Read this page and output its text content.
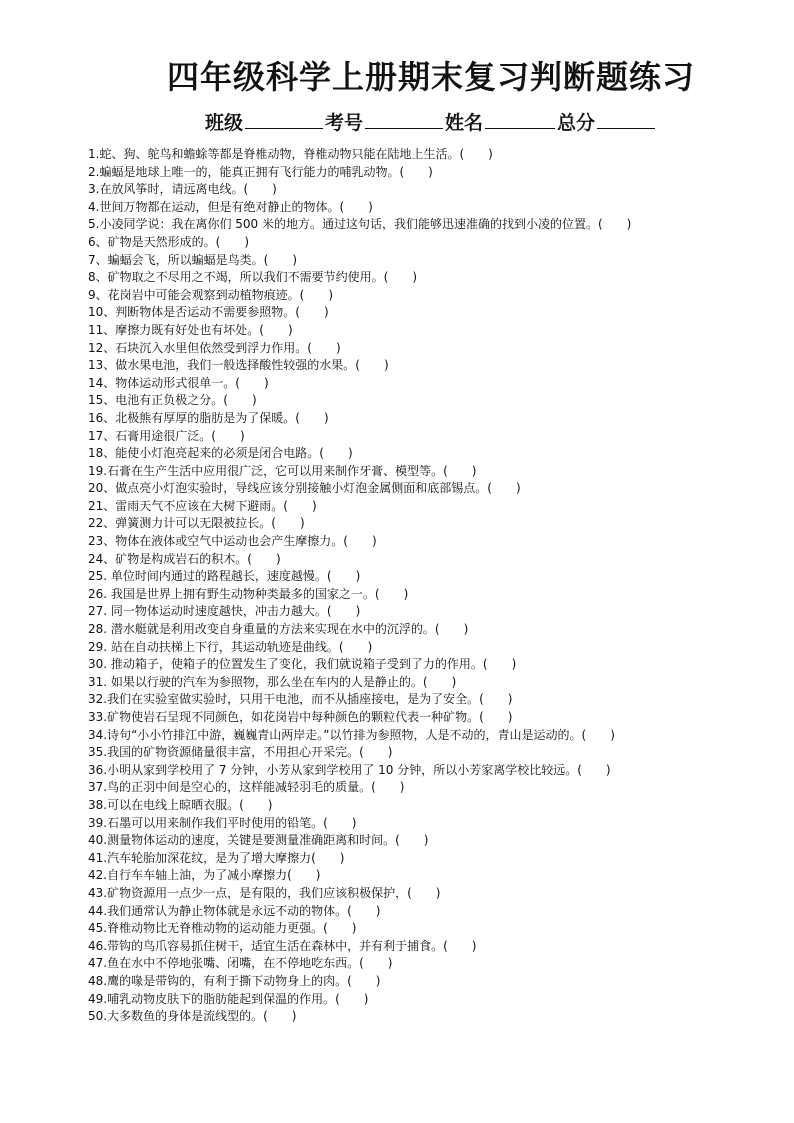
四年级科学上册期末复习判断题练习
班级	考号	姓名	总分
1.蛇、狗、鸵鸟和蟾蜍等都是脊椎动物，脊椎动物只能在陆地上生活。(　　)
2.蝙蝠是地球上唯一的，能真正拥有飞行能力的哺乳动物。(　　)
3.在放风筝时，请远离电线。(　　)
4.世间万物都在运动，但是有绝对静止的物体。(　　)
5.小凌同学说：我在离你们 500 米的地方。通过这句话，我们能够迅速准确的找到小凌的位置。(　　)
6、矿物是天然形成的。(　　)
7、蝙蝠会飞，所以蝙蝠是鸟类。(　　)
8、矿物取之不尽用之不竭，所以我们不需要节约使用。(　　)
9、花岗岩中可能会观察到动植物痕迹。(　　)
10、判断物体是否运动不需要参照物。(　　)
11、摩擦力既有好处也有坏处。(　　)
12、石块沉入水里但依然受到浮力作用。(　　)
13、做水果电池，我们一般选择酸性较强的水果。(　　)
14、物体运动形式很单一。(　　)
15、电池有正负极之分。(　　)
16、北极熊有厚厚的脂肪是为了保暖。(　　)
17、石膏用途很广泛。(　　)
18、能使小灯泡亮起来的必须是闭合电路。(　　)
19.石膏在生产生活中应用很广泛，它可以用来制作牙膏、模型等。(　　)
20、做点亮小灯泡实验时，导线应该分别接触小灯泡金属侧面和底部锡点。(　　)
21、雷雨天气不应该在大树下避雨。(　　)
22、弹簧测力计可以无限被拉长。(　　)
23、物体在液体或空气中运动也会产生摩擦力。(　　)
24、矿物是构成岩石的积木。(　　)
25. 单位时间内通过的路程越长，速度越慢。(　　)
26. 我国是世界上拥有野生动物种类最多的国家之一。(　　)
27. 同一物体运动时速度越快，冲击力越大。(　　)
28. 潜水艇就是利用改变自身重量的方法来实现在水中的沉浮的。(　　)
29. 站在自动扶梯上下行，其运动轨迹是曲线。(　　)
30. 推动箱子，使箱子的位置发生了变化，我们就说箱子受到了力的作用。(　　)
31. 如果以行驶的汽车为参照物，那么坐在车内的人是静止的。(　　)
32.我们在实验室做实验时，只用干电池，而不从插座接电，是为了安全。(　　)
33.矿物使岩石呈现不同颜色，如花岗岩中每种颜色的颗粒代表一种矿物。(　　)
34.诗句“小小竹排江中游，巍巍青山两岸走。”以竹排为参照物，人是不动的，青山是运动的。(　　)
35.我国的矿物资源储量很丰富，不用担心开采完。(　　)
36.小明从家到学校用了 7 分钟，小芳从家到学校用了 10 分钟，所以小芳家离学校比较远。(　　)
37.鸟的正羽中间是空心的，这样能减轻羽毛的质量。(　　)
38.可以在电线上晾晒衣服。(　　)
39.石墨可以用来制作我们平时使用的铅笔。(　　)
40.测量物体运动的速度，关键是要测量准确距离和时间。(　　)
41.汽车轮胎加深花纹，是为了增大摩擦力(　　)
42.自行车车轴上油，为了减小摩擦力(　　)
43.矿物资源用一点少一点，是有限的，我们应该积极保护，(　　)
44.我们通常认为静止物体就是永远不动的物体。(　　)
45.脊椎动物比无脊椎动物的运动能力更强。(　　)
46.带钩的鸟爪容易抓住树干，适宜生活在森林中，并有利于捕食。(　　)
47.鱼在水中不停地张嘴、闭嘴，在不停地吃东西。(　　)
48.鹰的喙是带钩的，有利于撕下动物身上的肉。(　　)
49.哺乳动物皮肤下的脂肪能起到保温的作用。(　　)
50.大多数鱼的身体是流线型的。(　　)
